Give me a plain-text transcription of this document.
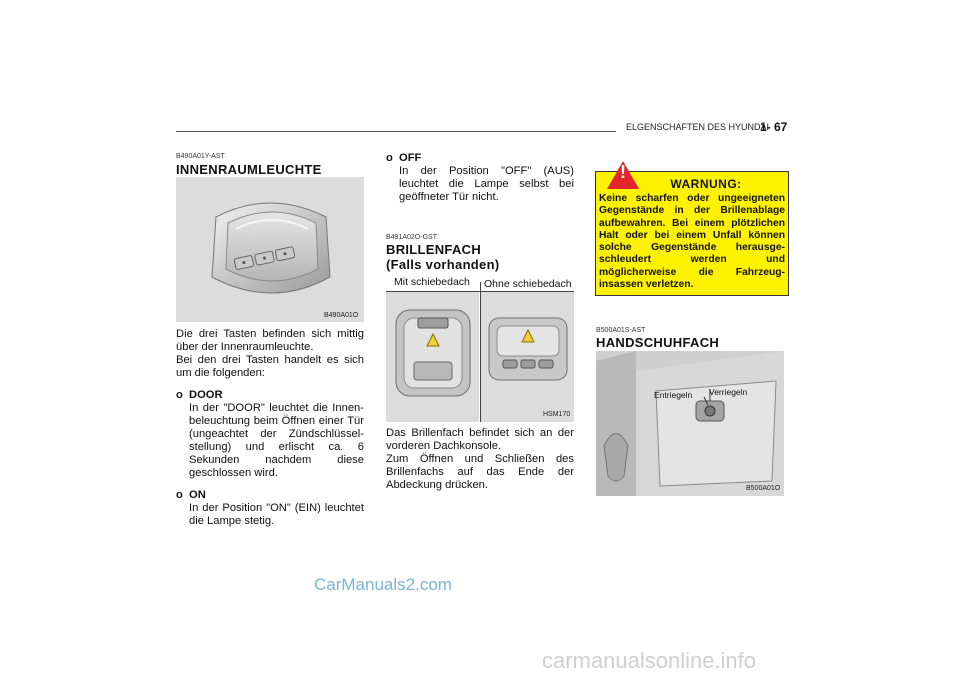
ELGENSCHAFTEN DES HYUNDAI
1- 67
B490A01Y-AST
INNENRAUMLEUCHTE
B490A01O
Die drei Tasten befinden sich mittig über der Innenraumleuchte.
Bei den drei Tasten handelt es sich um die folgenden:
o DOOR
In der "DOOR" leuchtet die Innen-beleuchtung beim Öffnen einer Tür (ungeachtet der Zündschlüssel-stellung) und erlischt ca. 6 Sekunden nachdem diese geschlossen wird.
o ON
In der Position "ON" (EIN) leuchtet die Lampe stetig.
o OFF
In der Position "OFF" (AUS) leuchtet die Lampe selbst bei geöffneter Tür nicht.
B491A02O-GST
BRILLENFACH
(Falls vorhanden)
Mit schiebedach Ohne schiebedach
HSM170
Das Brillenfach befindet sich an der vorderen Dachkonsole.
Zum Öffnen und Schließen des Brillenfachs auf das Ende der Abdeckung drücken.
!
WARNUNG:
Keine scharfen oder ungeeigneten Gegenstände in der Brillenablage aufbewahren. Bei einem plötzlichen Halt oder bei einem Unfall können solche Gegenstände herausge-schleudert werden und möglicherweise die Fahrzeug-insassen verletzen.
B500A01S-AST
HANDSCHUHFACH
Entriegeln Verriegeln
B500A01O
CarManuals2.com
carmanualsonline.info
